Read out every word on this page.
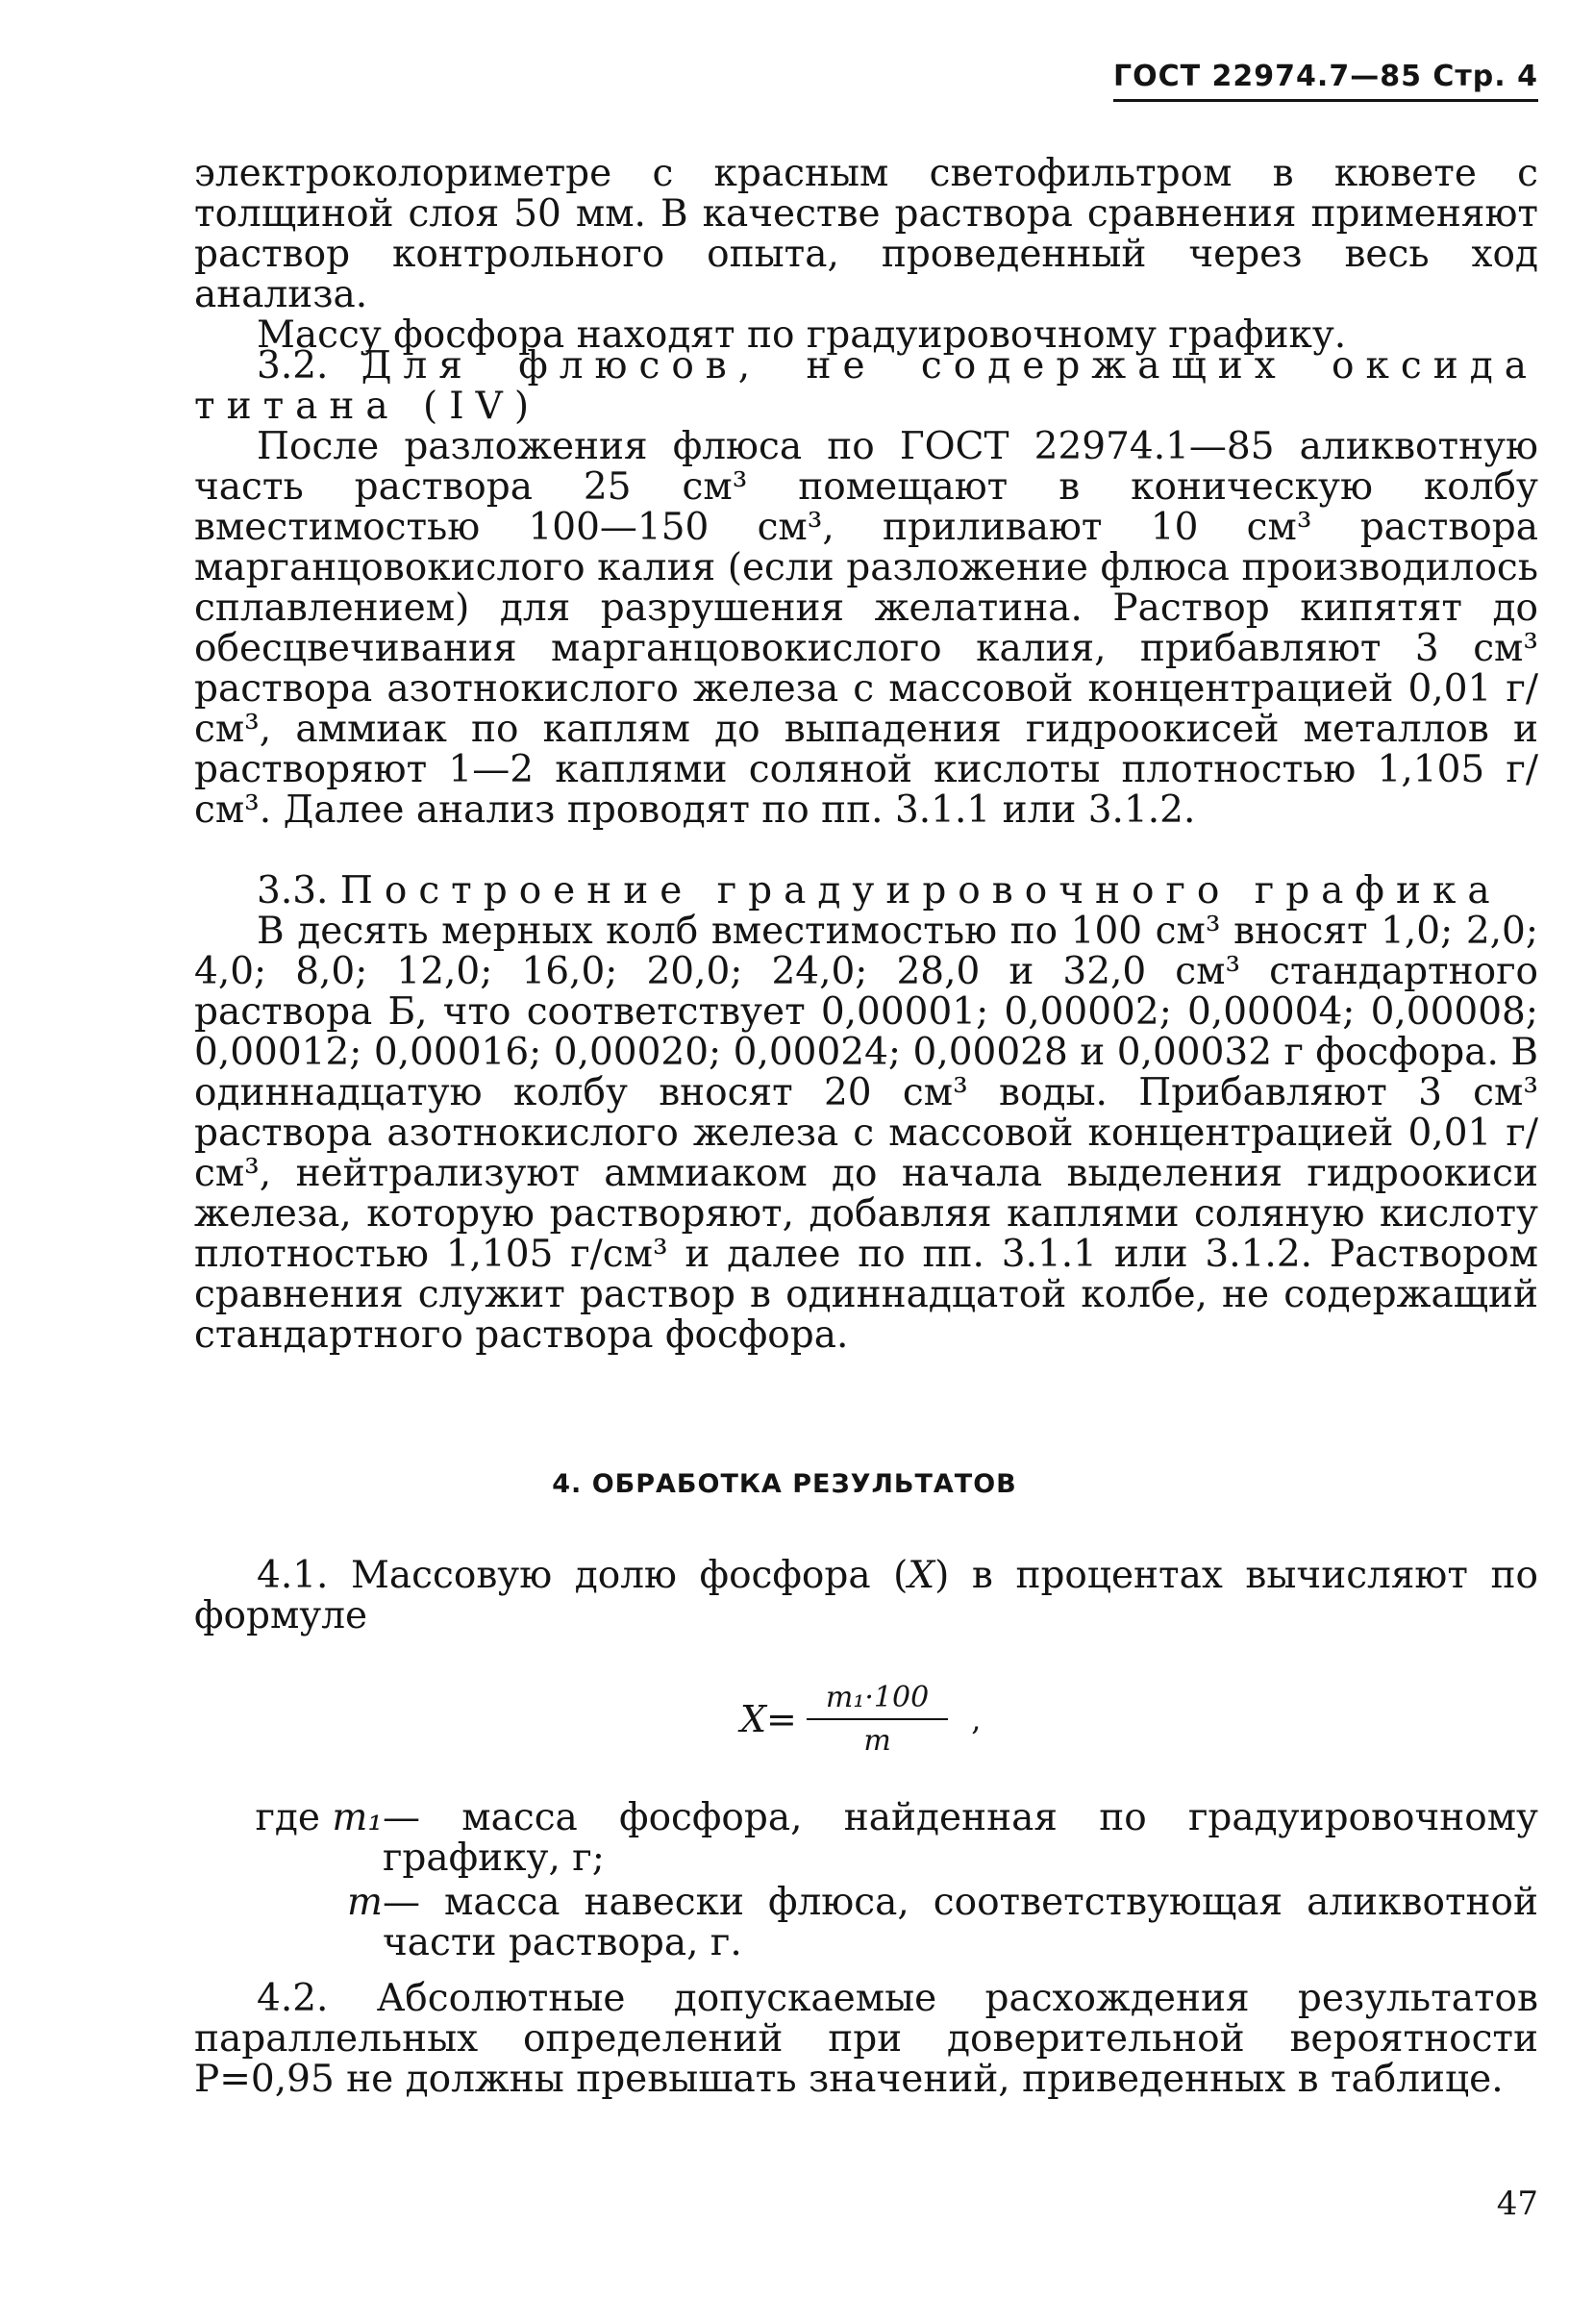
ГОСТ 22974.7—85 Стр. 4

электроколориметре с красным светофильтром в кювете с толщиной слоя 50 мм. В качестве раствора сравнения применяют раствор контрольного опыта, проведенный через весь ход анализа.

Массу фосфора находят по градуировочному графику.

3.2. Для флюсов, не содержащих оксида титана (IV)

После разложения флюса по ГОСТ 22974.1—85 аликвотную часть раствора 25 см³ помещают в коническую колбу вместимостью 100—150 см³, приливают 10 см³ раствора марганцовокислого калия (если разложение флюса производилось сплавлением) для разрушения желатина. Раствор кипятят до обесцвечивания марганцовокислого калия, прибавляют 3 см³ раствора азотнокислого железа с массовой концентрацией 0,01 г/см³, аммиак по каплям до выпадения гидроокисей металлов и растворяют 1—2 каплями соляной кислоты плотностью 1,105 г/см³. Далее анализ проводят по пп. 3.1.1 или 3.1.2.

3.3. Построение градуировочного графика

В десять мерных колб вместимостью по 100 см³ вносят 1,0; 2,0; 4,0; 8,0; 12,0; 16,0; 20,0; 24,0; 28,0 и 32,0 см³ стандартного раствора Б, что соответствует 0,00001; 0,00002; 0,00004; 0,00008; 0,00012; 0,00016; 0,00020; 0,00024; 0,00028 и 0,00032 г фосфора. В одиннадцатую колбу вносят 20 см³ воды. Прибавляют 3 см³ раствора азотнокислого железа с массовой концентрацией 0,01 г/см³, нейтрализуют аммиаком до начала выделения гидроокиси железа, которую растворяют, добавляя каплями соляную кислоту плотностью 1,105 г/см³ и далее по пп. 3.1.1 или 3.1.2. Раствором сравнения служит раствор в одиннадцатой колбе, не содержащий стандартного раствора фосфора.

4. ОБРАБОТКА РЕЗУЛЬТАТОВ

4.1. Массовую долю фосфора (X) в процентах вычисляют по формуле

$X= \frac{\text{m₁·100}}{m}$ ,
где m₁ — масса фосфора, найденная по градуировочному графику, г;
m — масса навески флюса, соответствующая аликвотной части раствора, г.

4.2. Абсолютные допускаемые расхождения результатов параллельных определений при доверительной вероятности P=0,95 не должны превышать значений, приведенных в таблице.

47
